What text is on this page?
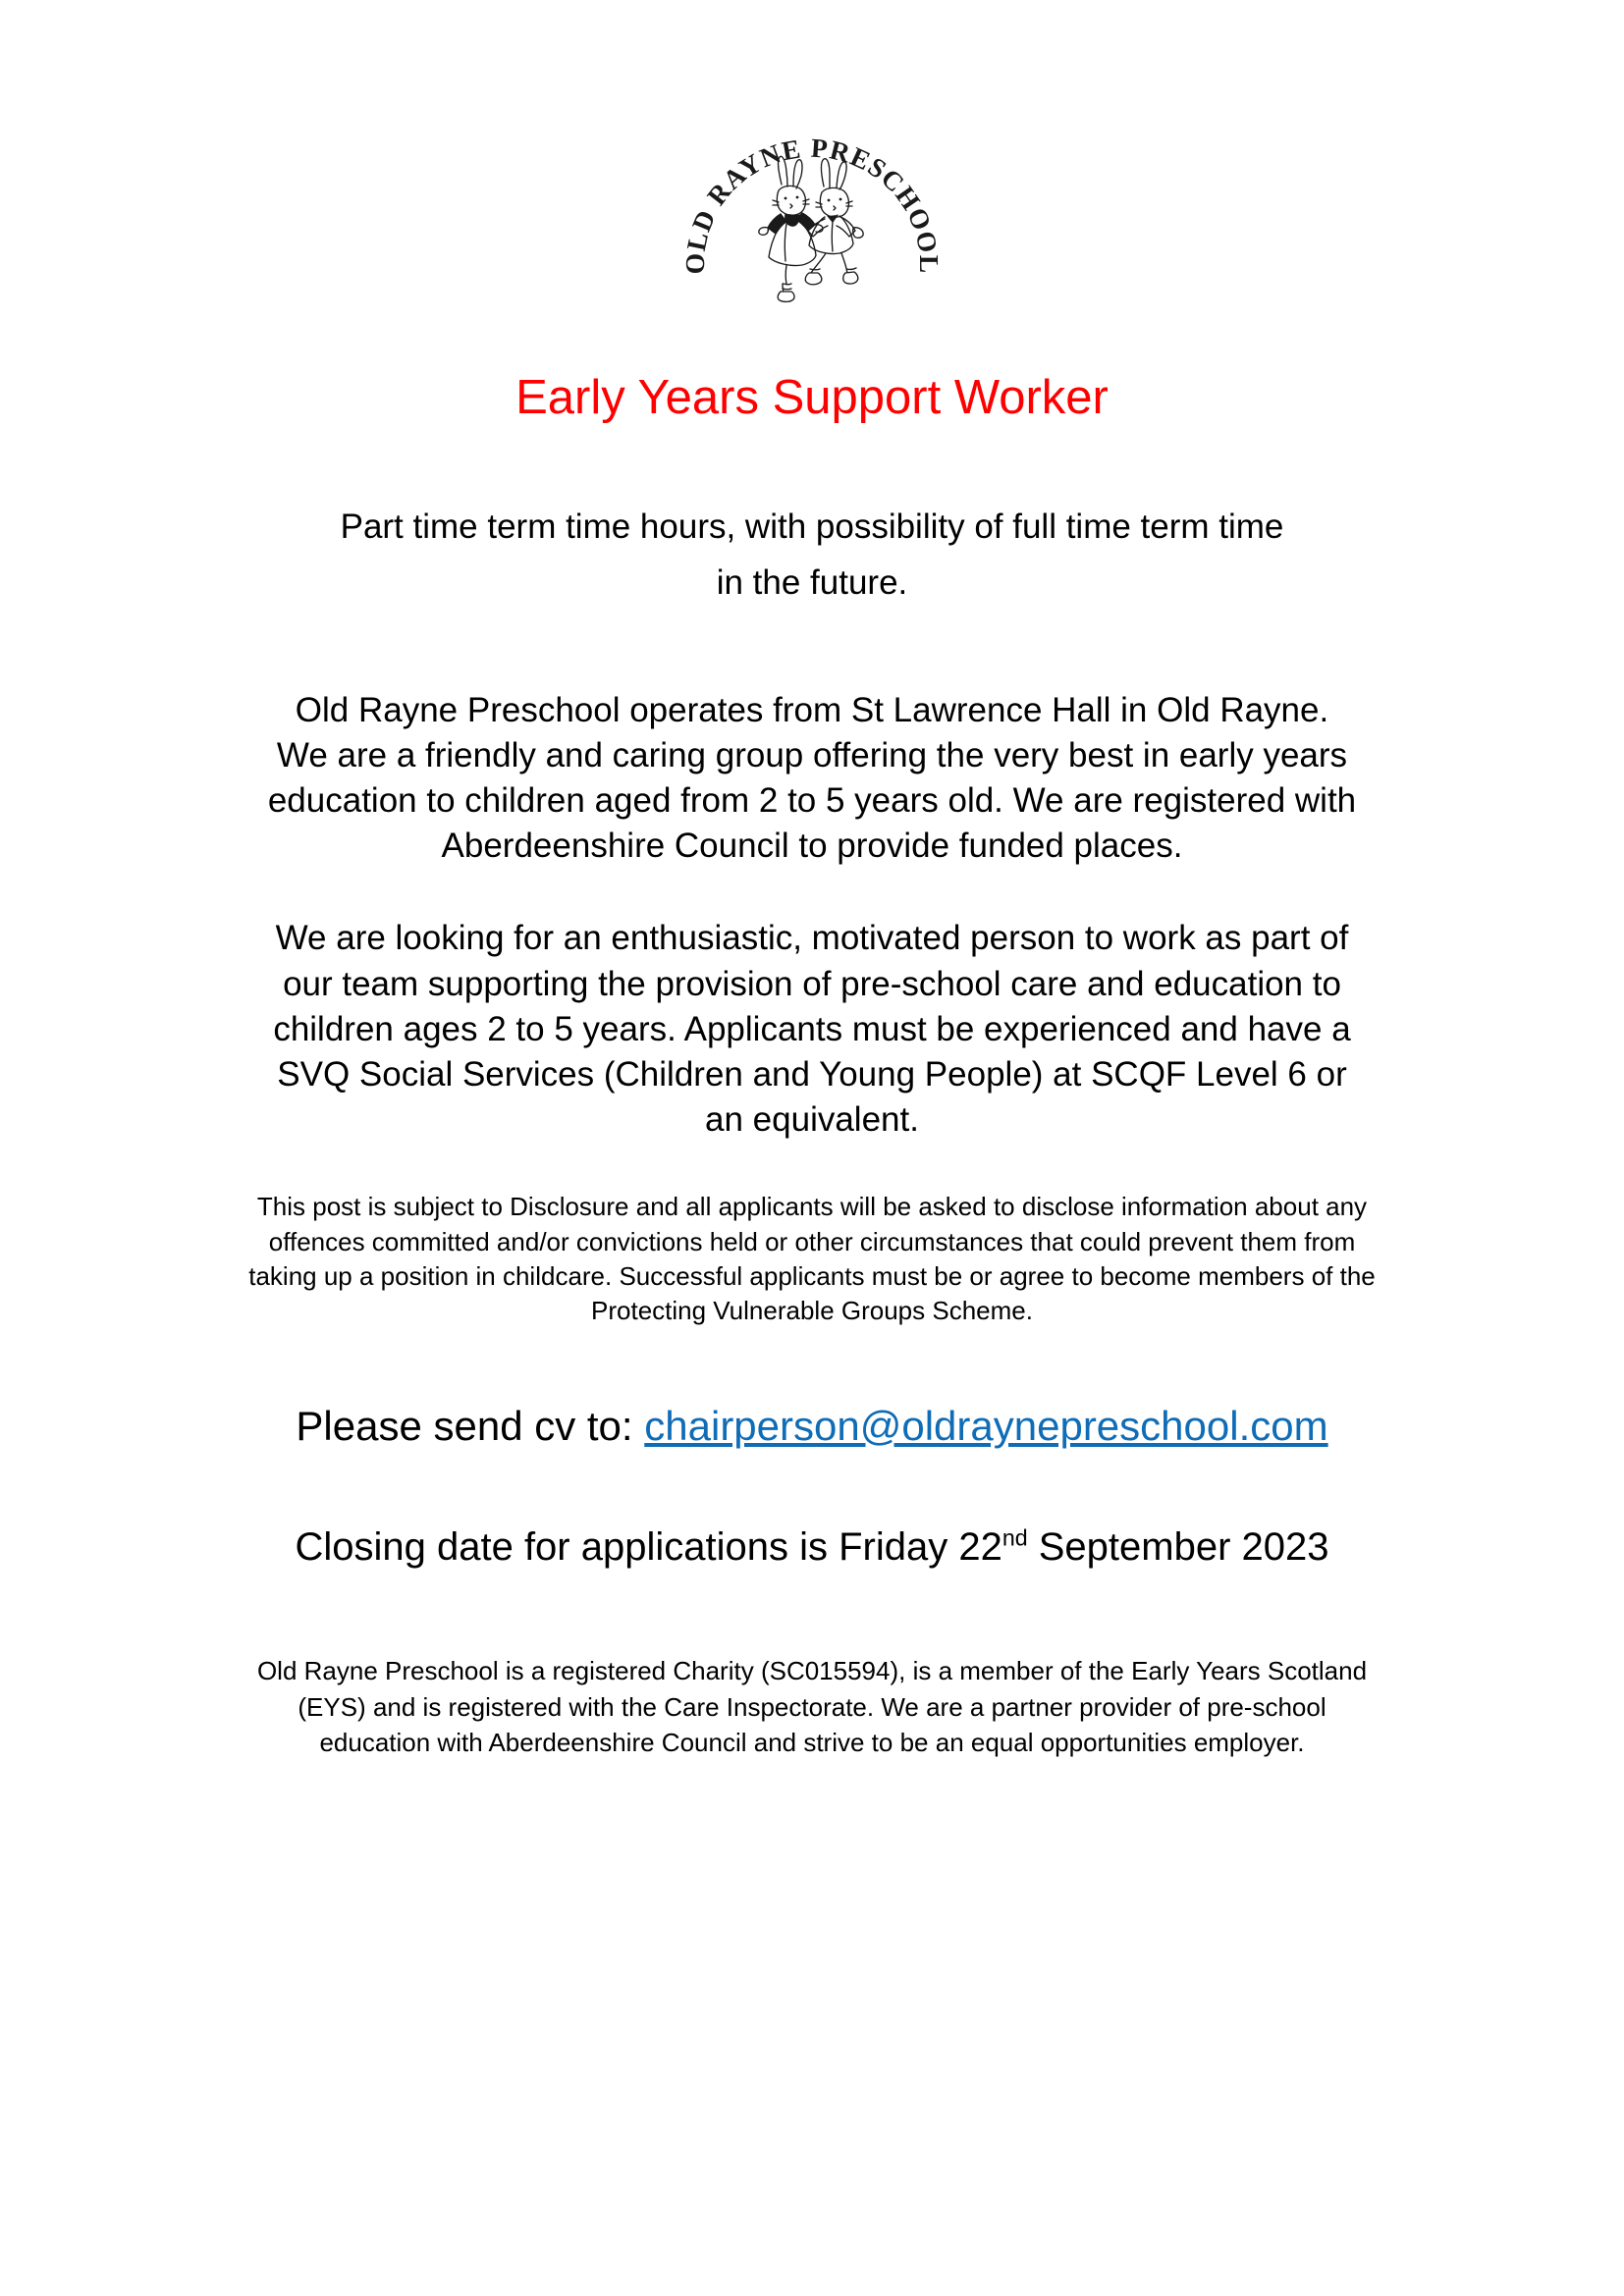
OLD RAYNE PRESCHOOL
Early Years Support Worker

Part time term time hours, with possibility of full time term time
in the future.

Old Rayne Preschool operates from St Lawrence Hall in Old Rayne.
We are a friendly and caring group offering the very best in early years
education to children aged from 2 to 5 years old. We are registered with
Aberdeenshire Council to provide funded places.

We are looking for an enthusiastic, motivated person to work as part of
our team supporting the provision of pre-school care and education to
children ages 2 to 5 years. Applicants must be experienced and have a
SVQ Social Services (Children and Young People) at SCQF Level 6 or
an equivalent.

This post is subject to Disclosure and all applicants will be asked to disclose information about any
offences committed and/or convictions held or other circumstances that could prevent them from
taking up a position in childcare. Successful applicants must be or agree to become members of the
Protecting Vulnerable Groups Scheme.

Please send cv to: chairperson@oldraynepreschool.com

Closing date for applications is Friday 22nd September 2023

Old Rayne Preschool is a registered Charity (SC015594), is a member of the Early Years Scotland
(EYS) and is registered with the Care Inspectorate. We are a partner provider of pre-school
education with Aberdeenshire Council and strive to be an equal opportunities employer.
